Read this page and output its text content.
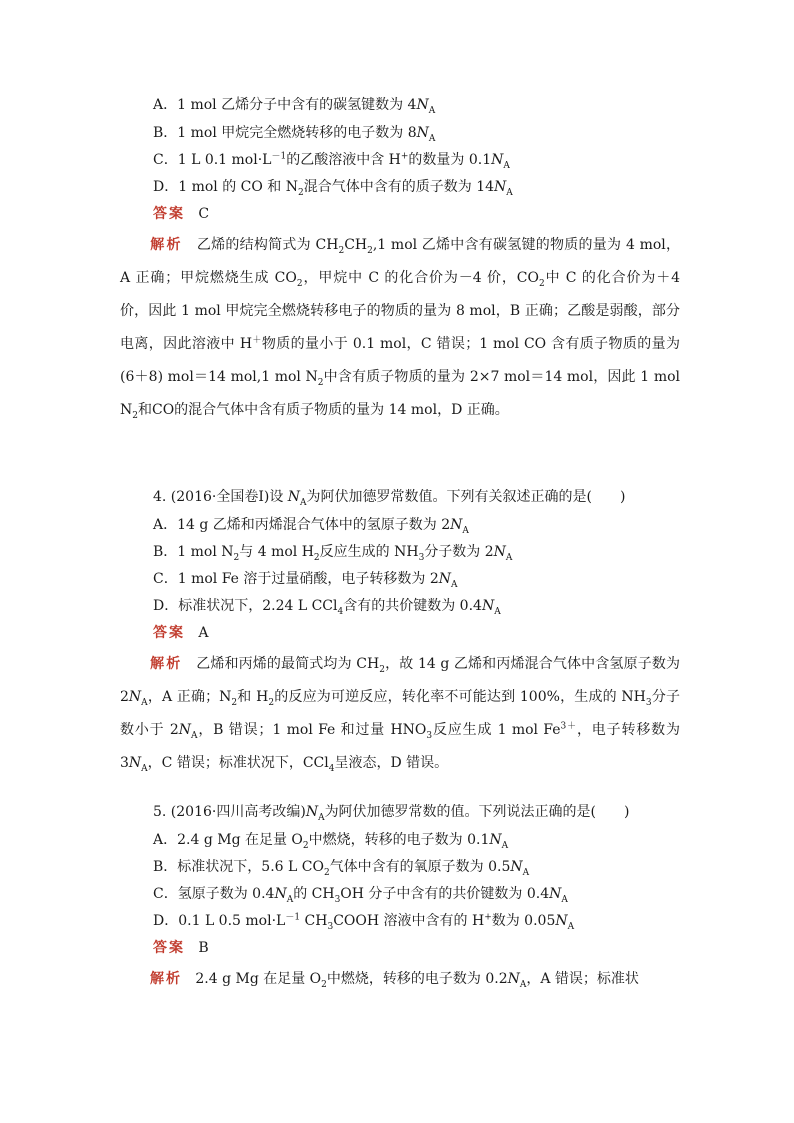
A．1 mol 乙烯分子中含有的碳氢键数为 $4N_A$
B．1 mol 甲烷完全燃烧转移的电子数为 $8N_A$
C．1 L 0.1 $mol\cdot L^{-1}$的乙酸溶液中含 H+的数量为 $0.1N_A$
D．1 mol 的 CO 和 $N_2$混合气体中含有的质子数为 $14N_A$
答案 C
解析 乙烯的结构简式为 $CH_2CH_2,1$ mol 乙烯中含有碳氢键的物质的量为 4 mol，A 正确；甲烷燃烧生成 $CO_2$，甲烷中 C 的化合价为－4 价，$CO_2$中 C 的化合价为＋4 价，因此 1 mol 甲烷完全燃烧转移电子的物质的量为 8 mol，B 正确；乙酸是弱酸，部分电离，因此溶液中 H＋物质的量小于 0.1 mol，C 错误；1 mol CO 含有质子物质的量为(6＋8) mol＝14 mol,1 mol $N_2$中含有质子物质的量为 2×7 mol＝14 mol，因此 1 mol $N_2$和CO的混合气体中含有质子物质的量为 14 mol，D 正确。
4. (2016·全国卷Ⅰ)设 $N_A$为阿伏加德罗常数值。下列有关叙述正确的是(　　)
A．14 g 乙烯和丙烯混合气体中的氢原子数为 $2N_A$
B．1 mol $N_2$与 4 mol $H_2$反应生成的 $NH_3$分子数为 $2N_A$
C．1 mol Fe 溶于过量硝酸，电子转移数为 $2N_A$
D．标准状况下，2.24 L CCl$_4$含有的共价键数为 $0.4N_A$
答案 A
解析 乙烯和丙烯的最简式均为 $CH_2$，故 14 g 乙烯和丙烯混合气体中含氢原子数为 $2N_A$，A 正确；$N_2$和 $H_2$的反应为可逆反应，转化率不可能达到 100%，生成的 $NH_3$分子数小于 $2N_A$，B 错误；1 mol Fe 和过量 $HNO_3$反应生成 1 mol $Fe^{3+}$，电子转移数为 $3N_A$，C 错误；标准状况下，CCl$_4$呈液态，D 错误。
5. (2016·四川高考改编)$N_A$为阿伏加德罗常数的值。下列说法正确的是(　　)
A．2.4 g Mg 在足量 $O_2$中燃烧，转移的电子数为 $0.1N_A$
B．标准状况下，5.6 L $CO_2$气体中含有的氧原子数为 $0.5N_A$
C．氢原子数为 $0.4N_A$的 $CH_3OH$ 分子中含有的共价键数为 $0.4N_A$
D．0.1 L 0.5 $mol\cdot L^{-1}$ $CH_3COOH$ 溶液中含有的 H+数为 $0.05N_A$
答案 B
解析 2.4 g Mg 在足量 $O_2$中燃烧，转移的电子数为 $0.2N_A$，A 错误；标准状
